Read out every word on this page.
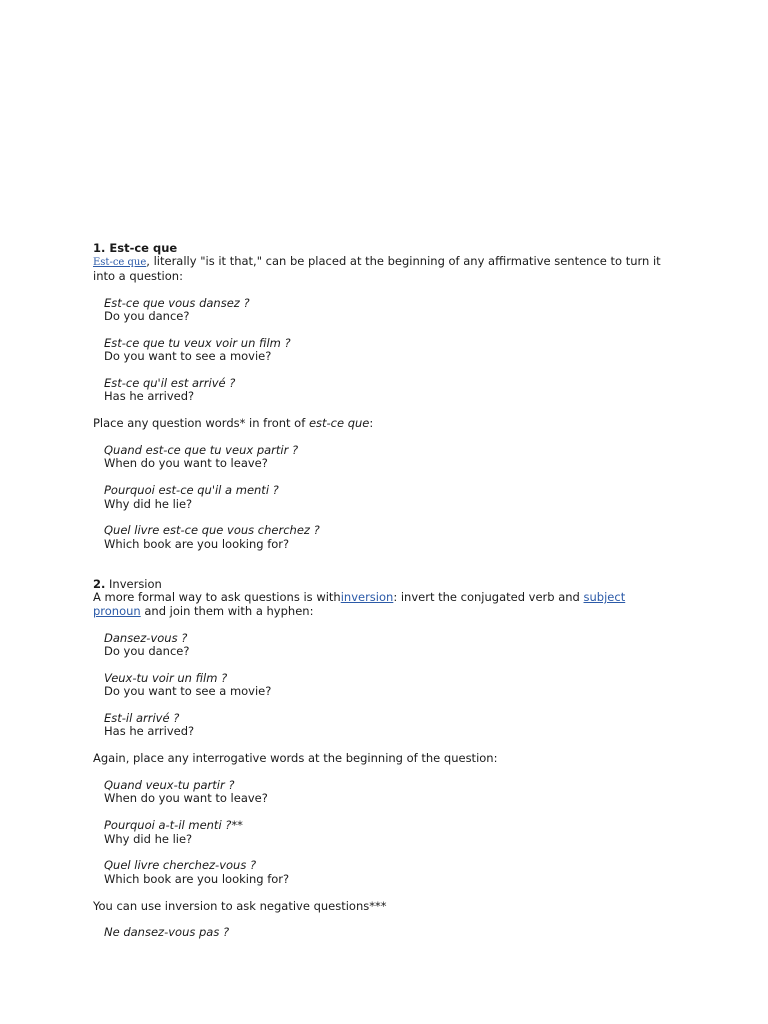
1. Est-ce que

Est-ce que, literally "is it that," can be placed at the beginning of any affirmative sentence to turn it into a question:

Est-ce que vous dansez ?
Do you dance?
Est-ce que tu veux voir un film ?
Do you want to see a movie?
Est-ce qu'il est arrivé ?
Has he arrived?

Place any question words* in front of est-ce que:

Quand est-ce que tu veux partir ?
When do you want to leave?
Pourquoi est-ce qu'il a menti ?
Why did he lie?
Quel livre est-ce que vous cherchez ?
Which book are you looking for?
2. Inversion

A more formal way to ask questions is withinversion: invert the conjugated verb and subject
pronoun and join them with a hyphen:

Dansez-vous ?
Do you dance?
Veux-tu voir un film ?
Do you want to see a movie?
Est-il arrivé ?
Has he arrived?

Again, place any interrogative words at the beginning of the question:

Quand veux-tu partir ?
When do you want to leave?
Pourquoi a-t-il menti ?**
Why did he lie?
Quel livre cherchez-vous ?
Which book are you looking for?

You can use inversion to ask negative questions***

Ne dansez-vous pas ?
